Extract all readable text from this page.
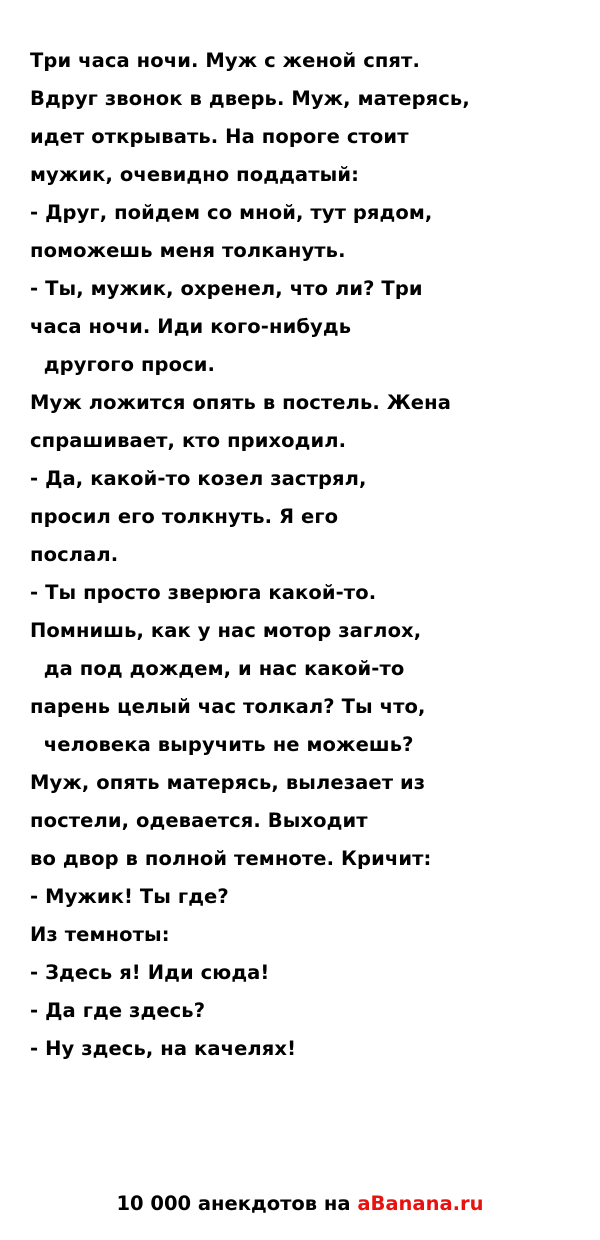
Три часа ночи. Муж с женой спят.
Вдруг звонок в дверь. Муж, матерясь,
идет открывать. На пороге стоит
мужик, очевидно поддатый:
- Друг, пойдем со мной, тут рядом,
поможешь меня толкануть.
- Ты, мужик, охренел, что ли? Три
часа ночи. Иди кого-нибудь
другого проси.
Муж ложится опять в постель. Жена
спрашивает, кто приходил.
- Да, какой-то козел застрял,
просил его толкнуть. Я его
послал.
- Ты просто зверюга какой-то.
Помнишь, как у нас мотор заглох,
да под дождем, и нас какой-то
парень целый час толкал? Ты что,
человека выручить не можешь?
Муж, опять матерясь, вылезает из
постели, одевается. Выходит
во двор в полной темноте. Кричит:
- Мужик! Ты где?
Из темноты:
- Здесь я! Иди сюда!
- Да где здесь?
- Ну здесь, на качелях!
10 000 анекдотов на aBanana.ru
